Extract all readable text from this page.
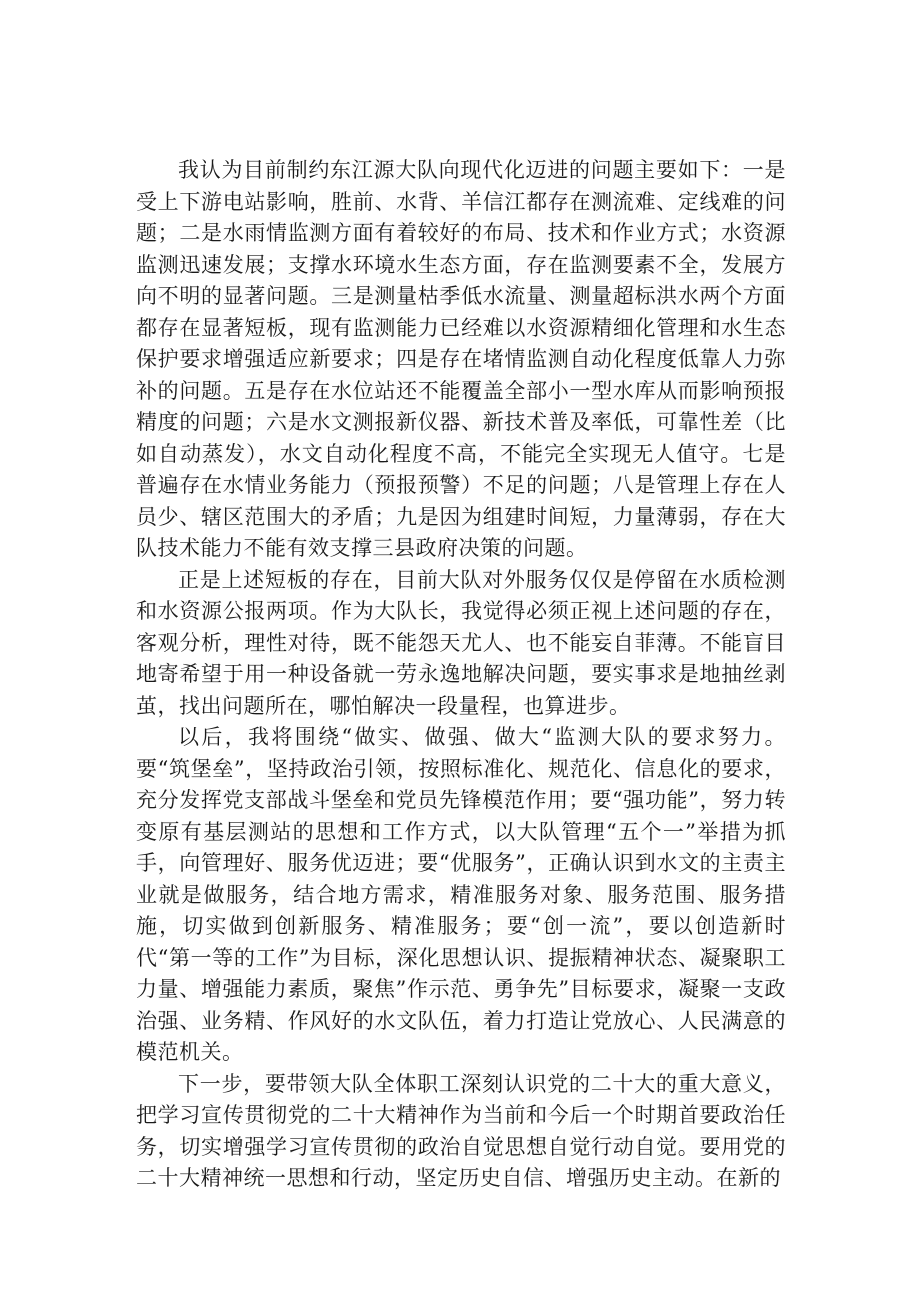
我认为目前制约东江源大队向现代化迈进的问题主要如下：一是受上下游电站影响，胜前、水背、羊信江都存在测流难、定线难的问题；二是水雨情监测方面有着较好的布局、技术和作业方式；水资源监测迅速发展；支撑水环境水生态方面，存在监测要素不全，发展方向不明的显著问题。三是测量枯季低水流量、测量超标洪水两个方面都存在显著短板，现有监测能力已经难以水资源精细化管理和水生态保护要求增强适应新要求；四是存在堵情监测自动化程度低靠人力弥补的问题。五是存在水位站还不能覆盖全部小一型水库从而影响预报精度的问题；六是水文测报新仪器、新技术普及率低，可靠性差（比如自动蒸发），水文自动化程度不高，不能完全实现无人值守。七是普遍存在水情业务能力（预报预警）不足的问题；八是管理上存在人员少、辖区范围大的矛盾；九是因为组建时间短，力量薄弱，存在大队技术能力不能有效支撑三县政府决策的问题。

正是上述短板的存在，目前大队对外服务仅仅是停留在水质检测和水资源公报两项。作为大队长，我觉得必须正视上述问题的存在，客观分析，理性对待，既不能怨天尤人、也不能妄自菲薄。不能盲目地寄希望于用一种设备就一劳永逸地解决问题，要实事求是地抽丝剥茧，找出问题所在，哪怕解决一段量程，也算进步。

以后，我将围绕“做实、做强、做大“监测大队的要求努力。要“筑堡垒”，坚持政治引领，按照标准化、规范化、信息化的要求，充分发挥党支部战斗堡垒和党员先锋模范作用；要“强功能”，努力转变原有基层测站的思想和工作方式，以大队管理“五个一”举措为抓手，向管理好、服务优迈进；要“优服务”，正确认识到水文的主责主业就是做服务，结合地方需求，精准服务对象、服务范围、服务措施，切实做到创新服务、精准服务；要“创一流”，要以创造新时代“第一等的工作”为目标，深化思想认识、提振精神状态、凝聚职工力量、增强能力素质，聚焦”作示范、勇争先”目标要求，凝聚一支政治强、业务精、作风好的水文队伍，着力打造让党放心、人民满意的模范机关。

下一步，要带领大队全体职工深刻认识党的二十大的重大意义，把学习宣传贯彻党的二十大精神作为当前和今后一个时期首要政治任务，切实增强学习宣传贯彻的政治自觉思想自觉行动自觉。要用党的二十大精神统一思想和行动，坚定历史自信、增强历史主动。在新的
